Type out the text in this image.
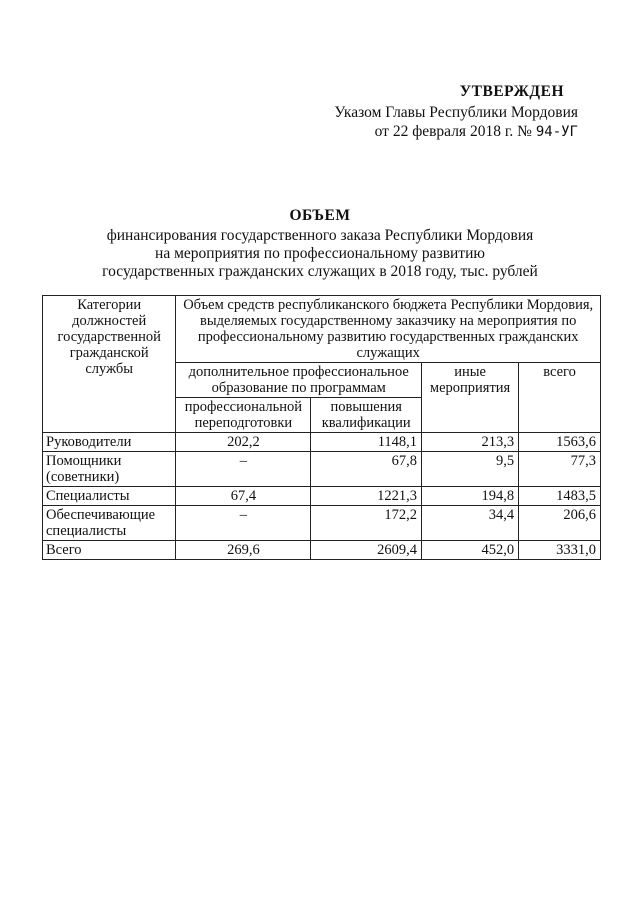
УТВЕРЖДЕН
Указом Главы Республики Мордовия
от 22 февраля 2018 г. № 94-УГ
ОБЪЕМ
финансирования государственного заказа Республики Мордовия
на мероприятия по профессиональному развитию
государственных гражданских служащих в 2018 году, тыс. рублей
Категории должностей государственной гражданской службы	Объем средств республиканского бюджета Республики Мордовия, выделяемых государственному заказчику на мероприятия по профессиональному развитию государственных гражданских служащих			
	дополнительное профессиональное образование по программам		иные мероприятия	всего
	профессиональной переподготовки	повышения квалификации		
Руководители	202,2	1148,1	213,3	1563,6
Помощники (советники)	–	67,8	9,5	77,3
Специалисты	67,4	1221,3	194,8	1483,5
Обеспечивающие специалисты	–	172,2	34,4	206,6
Всего	269,6	2609,4	452,0	3331,0
